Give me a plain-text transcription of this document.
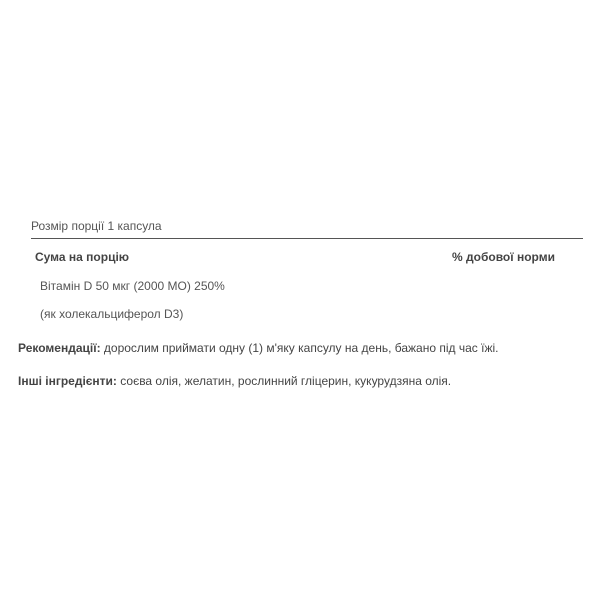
Розмір порції 1 капсула
Сума на порцію	% добової норми
Вітамін D 50 мкг (2000 МО) 250%
(як холекальциферол D3)
Рекомендації: дорослим приймати одну (1) м'яку капсулу на день, бажано під час їжі.
Інші інгредієнти: соєва олія, желатин, рослинний гліцерин, кукурудзяна олія.
